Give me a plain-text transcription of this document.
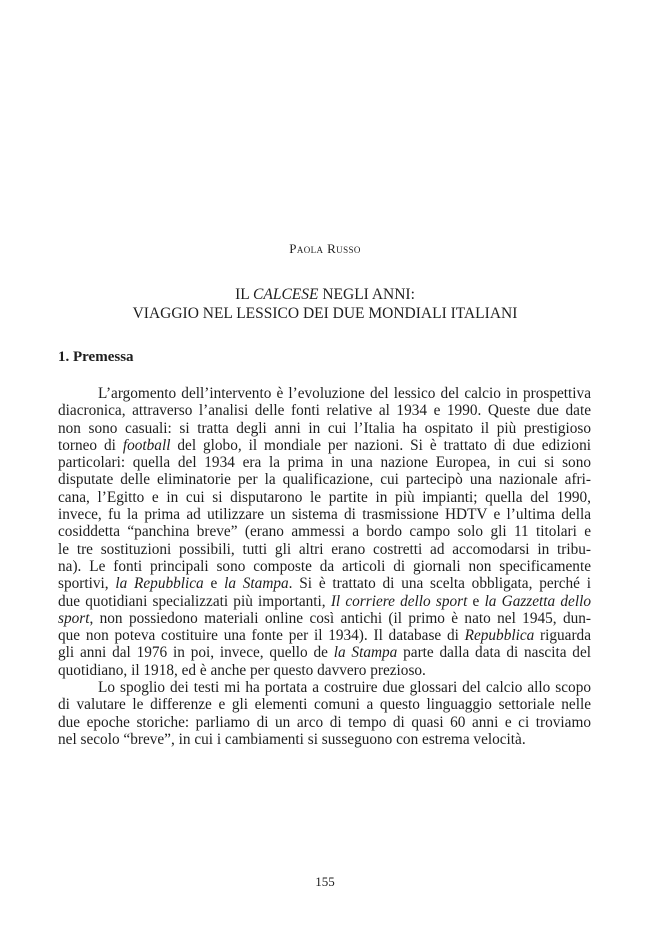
Paola Russo
IL CALCESE NEGLI ANNI:
VIAGGIO NEL LESSICO DEI DUE MONDIALI ITALIANI
1. Premessa
L’argomento dell’intervento è l’evoluzione del lessico del calcio in prospettiva
diacronica, attraverso l’analisi delle fonti relative al 1934 e 1990. Queste due date
non sono casuali: si tratta degli anni in cui l’Italia ha ospitato il più prestigioso
torneo di football del globo, il mondiale per nazioni. Si è trattato di due edizioni
particolari: quella del 1934 era la prima in una nazione Europea, in cui si sono
disputate delle eliminatorie per la qualificazione, cui partecipò una nazionale afri-
cana, l’Egitto e in cui si disputarono le partite in più impianti; quella del 1990,
invece, fu la prima ad utilizzare un sistema di trasmissione HDTV e l’ultima della
cosiddetta “panchina breve” (erano ammessi a bordo campo solo gli 11 titolari e
le tre sostituzioni possibili, tutti gli altri erano costretti ad accomodarsi in tribu-
na). Le fonti principali sono composte da articoli di giornali non specificamente
sportivi, la Repubblica e la Stampa. Si è trattato di una scelta obbligata, perché i
due quotidiani specializzati più importanti, Il corriere dello sport e la Gazzetta dello
sport, non possiedono materiali online così antichi (il primo è nato nel 1945, dun-
que non poteva costituire una fonte per il 1934). Il database di Repubblica riguarda
gli anni dal 1976 in poi, invece, quello de la Stampa parte dalla data di nascita del
quotidiano, il 1918, ed è anche per questo davvero prezioso.
Lo spoglio dei testi mi ha portata a costruire due glossari del calcio allo scopo
di valutare le differenze e gli elementi comuni a questo linguaggio settoriale nelle
due epoche storiche: parliamo di un arco di tempo di quasi 60 anni e ci troviamo
nel secolo “breve”, in cui i cambiamenti si susseguono con estrema velocità.
155
